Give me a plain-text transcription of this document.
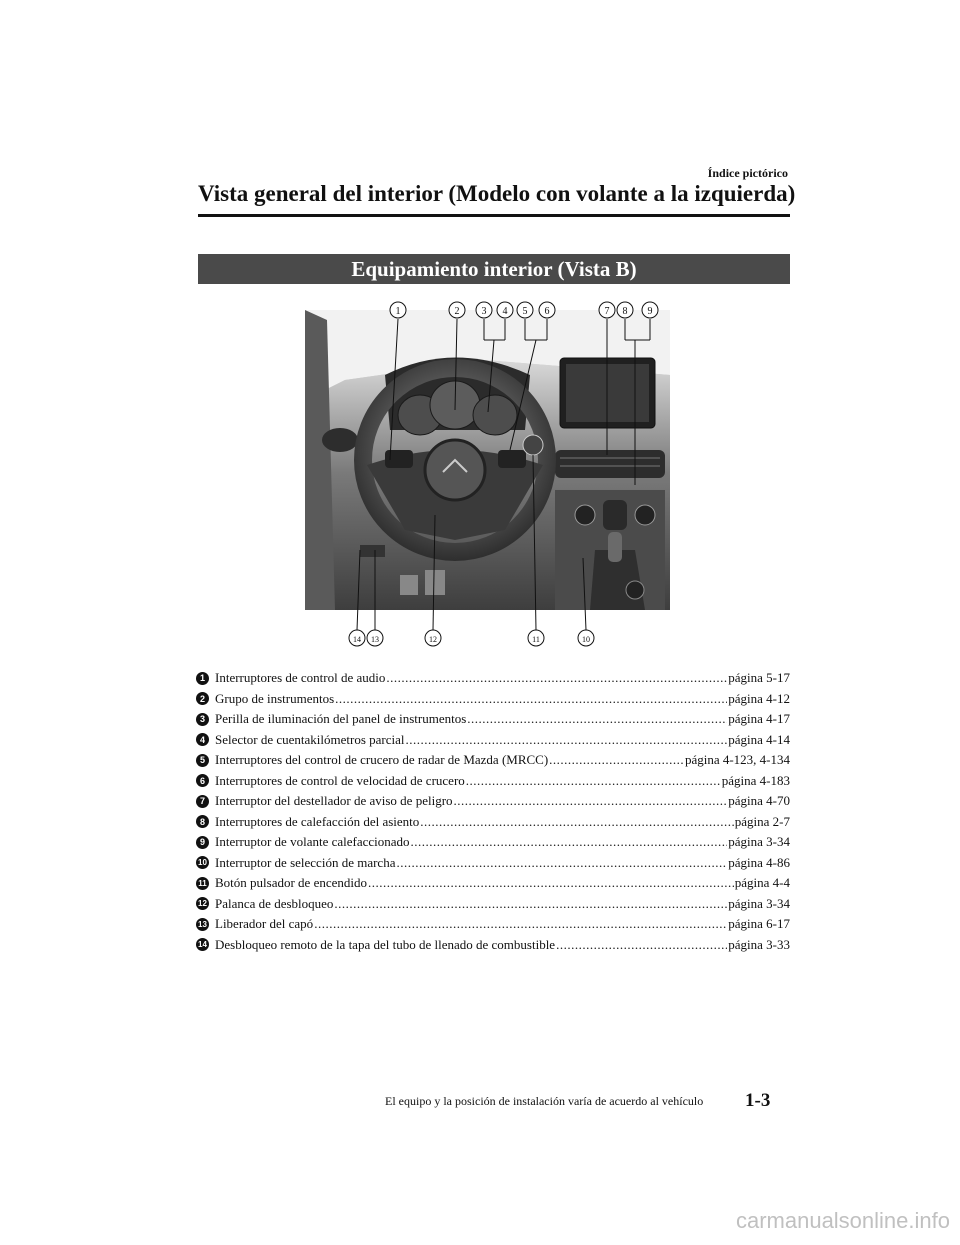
Índice pictórico
Vista general del interior (Modelo con volante a la izquierda)
Equipamiento interior (Vista B)
1	2 3 4 5 6	7 8 9
14 13	12	11	10
1 Interruptores de control de audio .....	página 5-17
2 Grupo de instrumentos .....	página 4-12
3 Perilla de iluminación del panel de instrumentos .....	página 4-17
4 Selector de cuentakilómetros parcial .....	página 4-14
5 Interruptores del control de crucero de radar de Mazda (MRCC) .....	página 4-123, 4-134
6 Interruptores de control de velocidad de crucero .....	página 4-183
7 Interruptor del destellador de aviso de peligro .....	página 4-70
8 Interruptores de calefacción del asiento .....	página 2-7
9 Interruptor de volante calefaccionado .....	página 3-34
10 Interruptor de selección de marcha .....	página 4-86
11 Botón pulsador de encendido .....	página 4-4
12 Palanca de desbloqueo .....	página 3-34
13 Liberador del capó .....	página 6-17
14 Desbloqueo remoto de la tapa del tubo de llenado de combustible .....	página 3-33
El equipo y la posición de instalación varía de acuerdo al vehículo 1-3
carmanualsonline.info
